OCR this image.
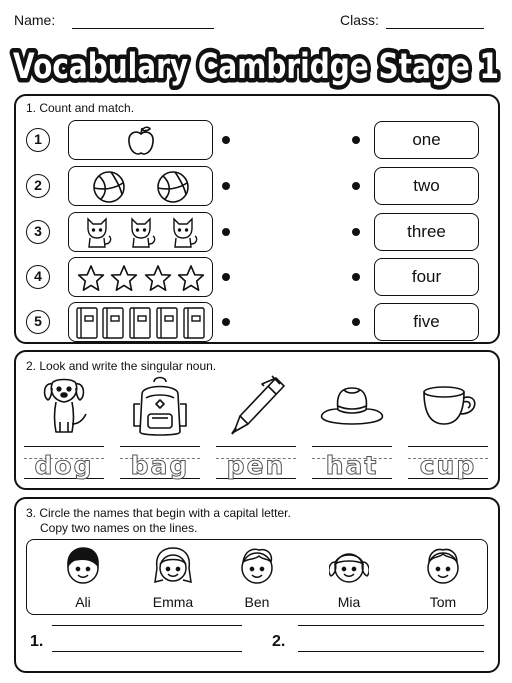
Name:	Class:
Vocabulary Cambridge Stage 1
Vocabulary Cambridge Stage 1
1. Count and match.
1	one
2	two
3	three
4	four
5	five
2. Look and write the singular noun.
dog	bag	pen	hat	cup
3. Circle the names that begin with a capital letter.
Copy two names on the lines.
Ali	Emma	Ben	Mia	Tom
1.	2.
